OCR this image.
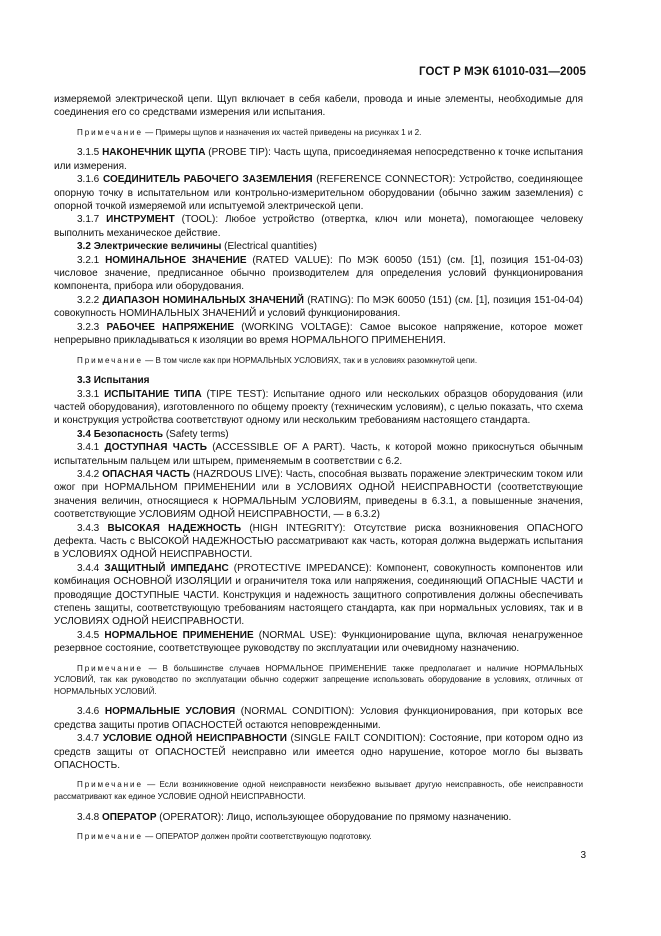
ГОСТ Р МЭК 61010-031—2005

измеряемой электрической цепи. Щуп включает в себя кабели, провода и иные элементы, необходимые для соединения его со средствами измерения или испытания.

Примечание — Примеры щупов и назначения их частей приведены на рисунках 1 и 2.

3.1.5 НАКОНЕЧНИК ЩУПА (PROBE TIP): Часть щупа, присоединяемая непосредственно к точке испытания или измерения.

3.1.6 СОЕДИНИТЕЛЬ РАБОЧЕГО ЗАЗЕМЛЕНИЯ (REFERENCE CONNECTOR): Устройство, соединяющее опорную точку в испытательном или контрольно-измерительном оборудовании (обычно зажим заземления) с опорной точкой измеряемой или испытуемой электрической цепи.

3.1.7 ИНСТРУМЕНТ (TOOL): Любое устройство (отвертка, ключ или монета), помогающее человеку выполнить механическое действие.

3.2 Электрические величины (Electrical quantities)

3.2.1 НОМИНАЛЬНОЕ ЗНАЧЕНИЕ (RATED VALUE): По МЭК 60050 (151) (см. [1], позиция 151-04-03) числовое значение, предписанное обычно производителем для определения условий функционирования компонента, прибора или оборудования.

3.2.2 ДИАПАЗОН НОМИНАЛЬНЫХ ЗНАЧЕНИЙ (RATING): По МЭК 60050 (151) (см. [1], позиция 151-04-04) совокупность НОМИНАЛЬНЫХ ЗНАЧЕНИЙ и условий функционирования.

3.2.3 РАБОЧЕЕ НАПРЯЖЕНИЕ (WORKING VOLTAGE): Самое высокое напряжение, которое может непрерывно прикладываться к изоляции во время НОРМАЛЬНОГО ПРИМЕНЕНИЯ.

Примечание — В том числе как при НОРМАЛЬНЫХ УСЛОВИЯХ, так и в условиях разомкнутой цепи.

3.3 Испытания

3.3.1 ИСПЫТАНИЕ ТИПА (TIPE TEST): Испытание одного или нескольких образцов оборудования (или частей оборудования), изготовленного по общему проекту (техническим условиям), с целью показать, что схема и конструкция устройства соответствуют одному или нескольким требованиям настоящего стандарта.

3.4 Безопасность (Safety terms)

3.4.1 ДОСТУПНАЯ ЧАСТЬ (ACCESSIBLE OF A PART). Часть, к которой можно прикоснуться обычным испытательным пальцем или штырем, применяемым в соответствии с 6.2.

3.4.2 ОПАСНАЯ ЧАСТЬ (HAZRDOUS LIVE): Часть, способная вызвать поражение электрическим током или ожог при НОРМАЛЬНОМ ПРИМЕНЕНИИ или в УСЛОВИЯХ ОДНОЙ НЕИСПРАВНОСТИ (соответствующие значения величин, относящиеся к НОРМАЛЬНЫМ УСЛОВИЯМ, приведены в 6.3.1, а повышенные значения, соответствующие УСЛОВИЯМ ОДНОЙ НЕИСПРАВНОСТИ, — в 6.3.2)

3.4.3 ВЫСОКАЯ НАДЕЖНОСТЬ (HIGH INTEGRITY): Отсутствие риска возникновения ОПАСНОГО дефекта. Часть с ВЫСОКОЙ НАДЕЖНОСТЬЮ рассматривают как часть, которая должна выдержать испытания в УСЛОВИЯХ ОДНОЙ НЕИСПРАВНОСТИ.

3.4.4 ЗАЩИТНЫЙ ИМПЕДАНС (PROTECTIVE IMPEDANCE): Компонент, совокупность компонентов или комбинация ОСНОВНОЙ ИЗОЛЯЦИИ и ограничителя тока или напряжения, соединяющий ОПАСНЫЕ ЧАСТИ и проводящие ДОСТУПНЫЕ ЧАСТИ. Конструкция и надежность защитного сопротивления должны обеспечивать степень защиты, соответствующую требованиям настоящего стандарта, как при нормальных условиях, так и в УСЛОВИЯХ ОДНОЙ НЕИСПРАВНОСТИ.

3.4.5 НОРМАЛЬНОЕ ПРИМЕНЕНИЕ (NORMAL USE): Функционирование щупа, включая ненагруженное резервное состояние, соответствующее руководству по эксплуатации или очевидному назначению.

Примечание — В большинстве случаев НОРМАЛЬНОЕ ПРИМЕНЕНИЕ также предполагает и наличие НОРМАЛЬНЫХ УСЛОВИЙ, так как руководство по эксплуатации обычно содержит запрещение использовать оборудование в условиях, отличных от НОРМАЛЬНЫХ УСЛОВИЙ.

3.4.6 НОРМАЛЬНЫЕ УСЛОВИЯ (NORMAL CONDITION): Условия функционирования, при которых все средства защиты против ОПАСНОСТЕЙ остаются неповрежденными.

3.4.7 УСЛОВИЕ ОДНОЙ НЕИСПРАВНОСТИ (SINGLE FAILT CONDITION): Состояние, при котором одно из средств защиты от ОПАСНОСТЕЙ неисправно или имеется одно нарушение, которое могло бы вызвать ОПАСНОСТЬ.

Примечание — Если возникновение одной неисправности неизбежно вызывает другую неисправность, обе неисправности рассматривают как единое УСЛОВИЕ ОДНОЙ НЕИСПРАВНОСТИ.

3.4.8 ОПЕРАТОР (OPERATOR): Лицо, использующее оборудование по прямому назначению.

Примечание — ОПЕРАТОР должен пройти соответствующую подготовку.

3
